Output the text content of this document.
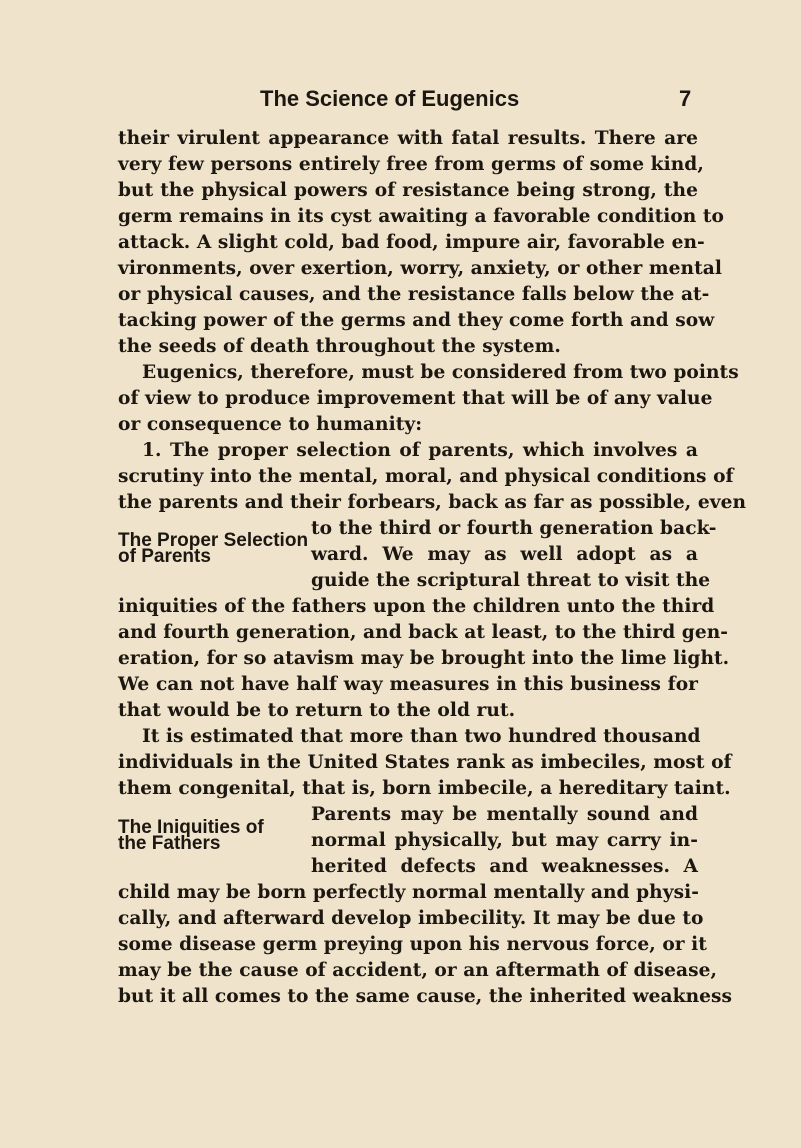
The Science of Eugenics	7
their virulent appearance with fatal results. There are
very few persons entirely free from germs of some kind,
but the physical powers of resistance being strong, the
germ remains in its cyst awaiting a favorable condition to
attack. A slight cold, bad food, impure air, favorable en-
vironments, over exertion, worry, anxiety, or other mental
or physical causes, and the resistance falls below the at-
tacking power of the germs and they come forth and sow
the seeds of death throughout the system.
Eugenics, therefore, must be considered from two points
of view to produce improvement that will be of any value
or consequence to humanity:
1. The proper selection of parents, which involves a
scrutiny into the mental, moral, and physical conditions of
the parents and their forbears, back as far as possible, even
to the third or fourth generation back-
ward. We may as well adopt as a
guide the scriptural threat to visit the
iniquities of the fathers upon the children unto the third
and fourth generation, and back at least, to the third gen-
eration, for so atavism may be brought into the lime light.
We can not have half way measures in this business for
that would be to return to the old rut.
It is estimated that more than two hundred thousand
individuals in the United States rank as imbeciles, most of
them congenital, that is, born imbecile, a hereditary taint.
Parents may be mentally sound and
normal physically, but may carry in-
herited defects and weaknesses. A
child may be born perfectly normal mentally and physi-
cally, and afterward develop imbecility. It may be due to
some disease germ preying upon his nervous force, or it
may be the cause of accident, or an aftermath of disease,
but it all comes to the same cause, the inherited weakness
The Proper Selection
of Parents
The Iniquities of
the Fathers
